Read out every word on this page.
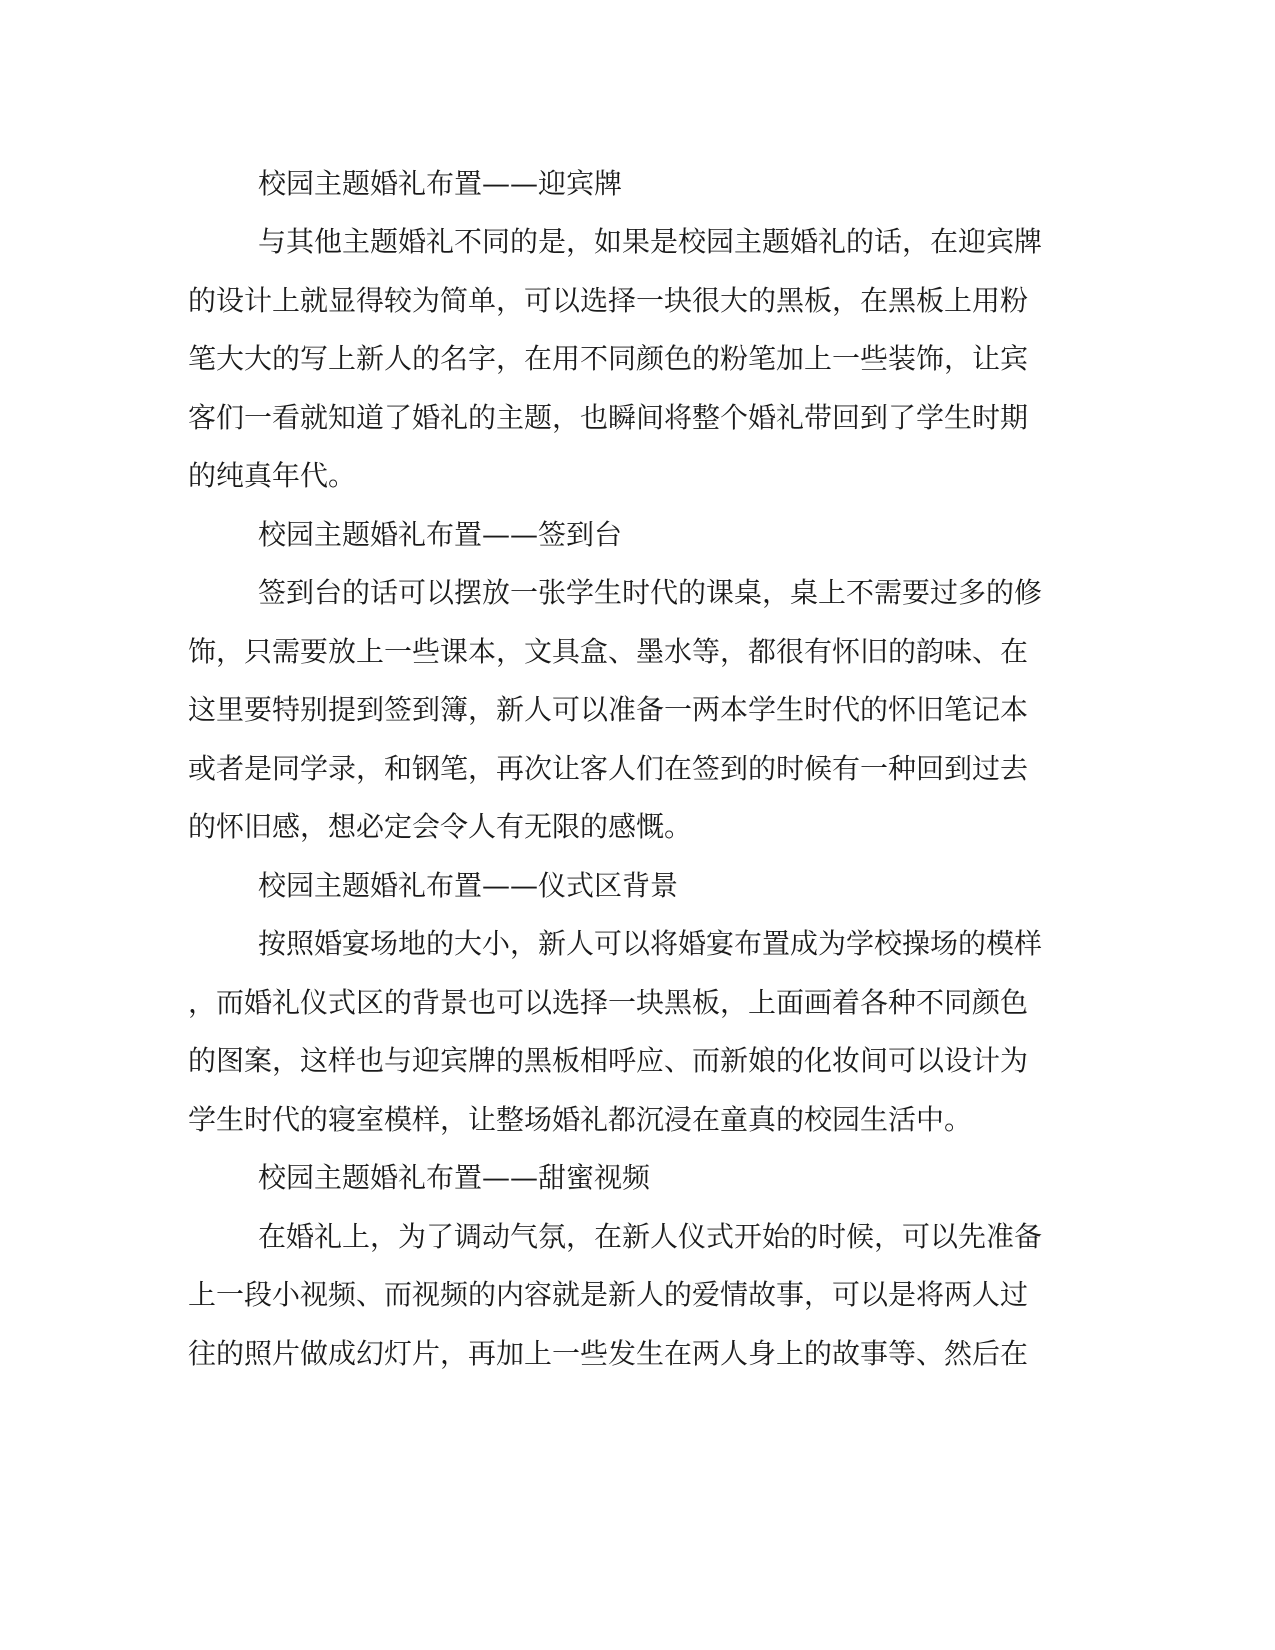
校园主题婚礼布置——迎宾牌

与其他主题婚礼不同的是，如果是校园主题婚礼的话，在迎宾牌

的设计上就显得较为简单，可以选择一块很大的黑板，在黑板上用粉

笔大大的写上新人的名字，在用不同颜色的粉笔加上一些装饰，让宾

客们一看就知道了婚礼的主题，也瞬间将整个婚礼带回到了学生时期

的纯真年代。

校园主题婚礼布置——签到台

签到台的话可以摆放一张学生时代的课桌，桌上不需要过多的修

饰，只需要放上一些课本，文具盒、墨水等，都很有怀旧的韵味、在

这里要特别提到签到簿，新人可以准备一两本学生时代的怀旧笔记本

或者是同学录，和钢笔，再次让客人们在签到的时候有一种回到过去

的怀旧感，想必定会令人有无限的感慨。

校园主题婚礼布置——仪式区背景

按照婚宴场地的大小，新人可以将婚宴布置成为学校操场的模样

，而婚礼仪式区的背景也可以选择一块黑板，上面画着各种不同颜色

的图案，这样也与迎宾牌的黑板相呼应、而新娘的化妆间可以设计为

学生时代的寝室模样，让整场婚礼都沉浸在童真的校园生活中。

校园主题婚礼布置——甜蜜视频

在婚礼上，为了调动气氛，在新人仪式开始的时候，可以先准备

上一段小视频、而视频的内容就是新人的爱情故事，可以是将两人过

往的照片做成幻灯片，再加上一些发生在两人身上的故事等、然后在
